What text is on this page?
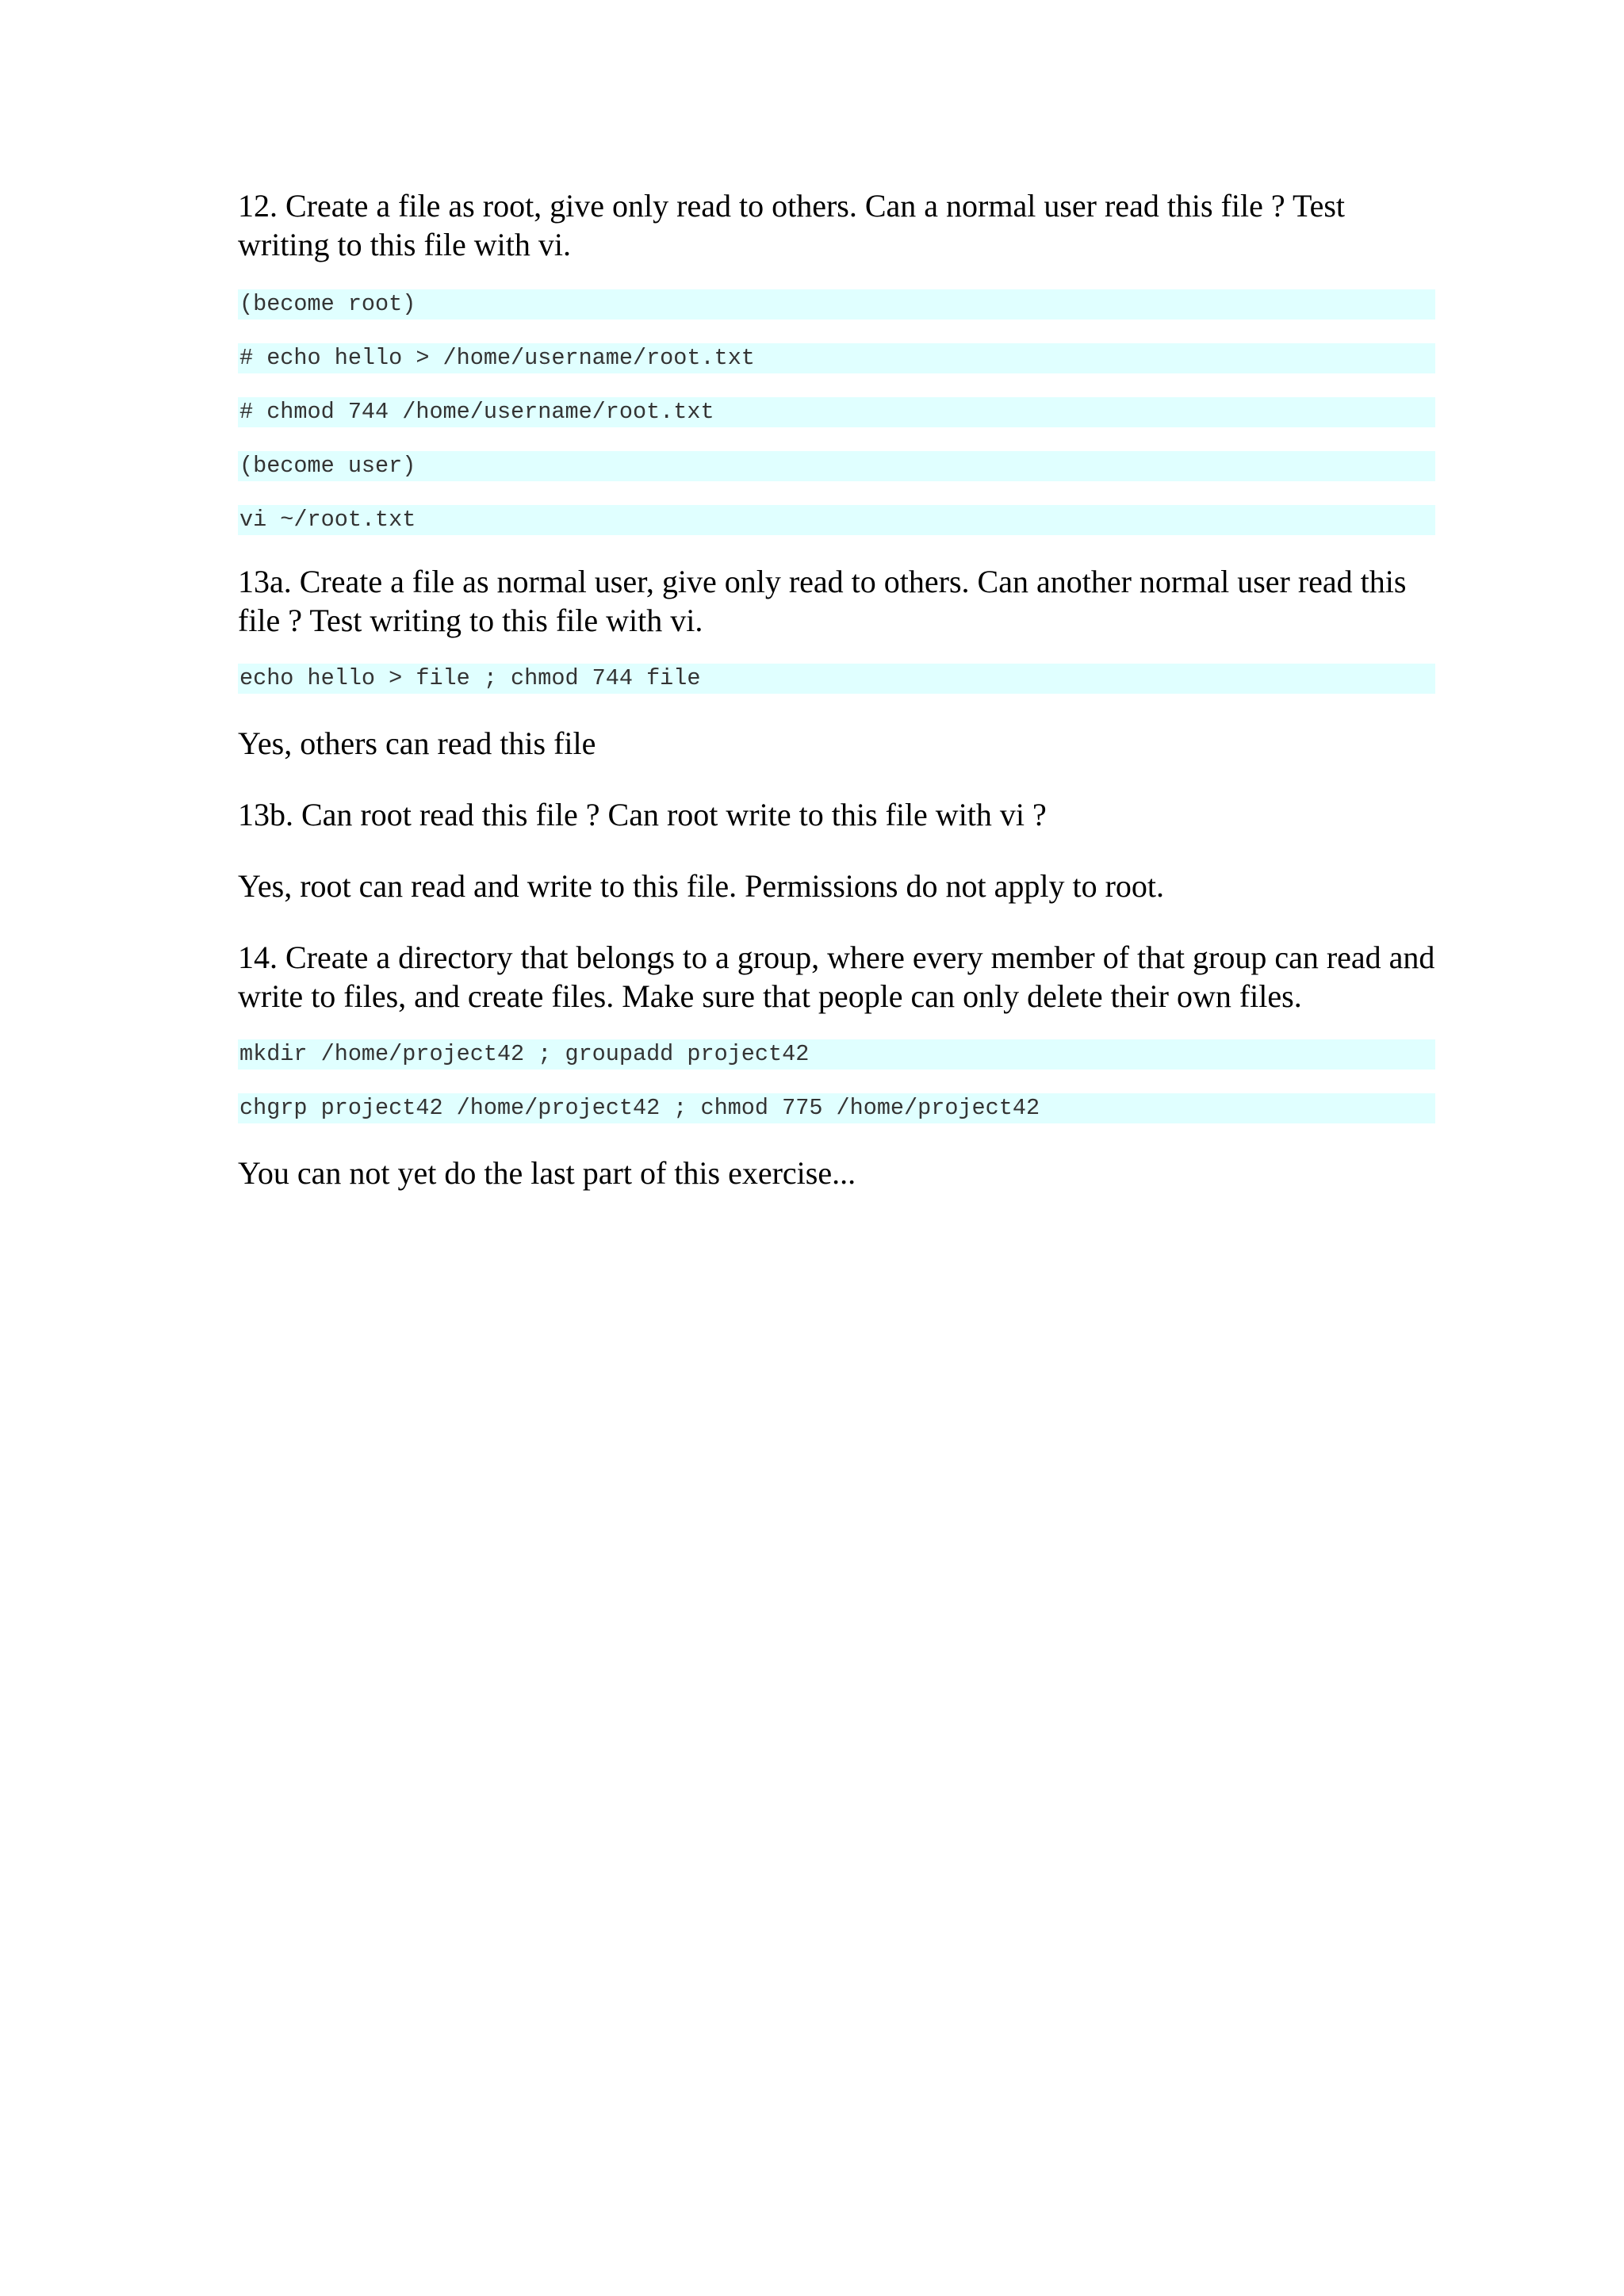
12. Create a file as root, give only read to others. Can a normal user read this file ? Test writing to this file with vi.

(become root)
# echo hello > /home/username/root.txt
# chmod 744 /home/username/root.txt
(become user)
vi ~/root.txt

13a. Create a file as normal user, give only read to others. Can another normal user read this file ? Test writing to this file with vi.

echo hello > file ; chmod 744 file

Yes, others can read this file

13b. Can root read this file ? Can root write to this file with vi ?

Yes, root can read and write to this file. Permissions do not apply to root.

14. Create a directory that belongs to a group, where every member of that group can read and write to files, and create files. Make sure that people can only delete their own files.

mkdir /home/project42 ; groupadd project42
chgrp project42 /home/project42 ; chmod 775 /home/project42

You can not yet do the last part of this exercise...
